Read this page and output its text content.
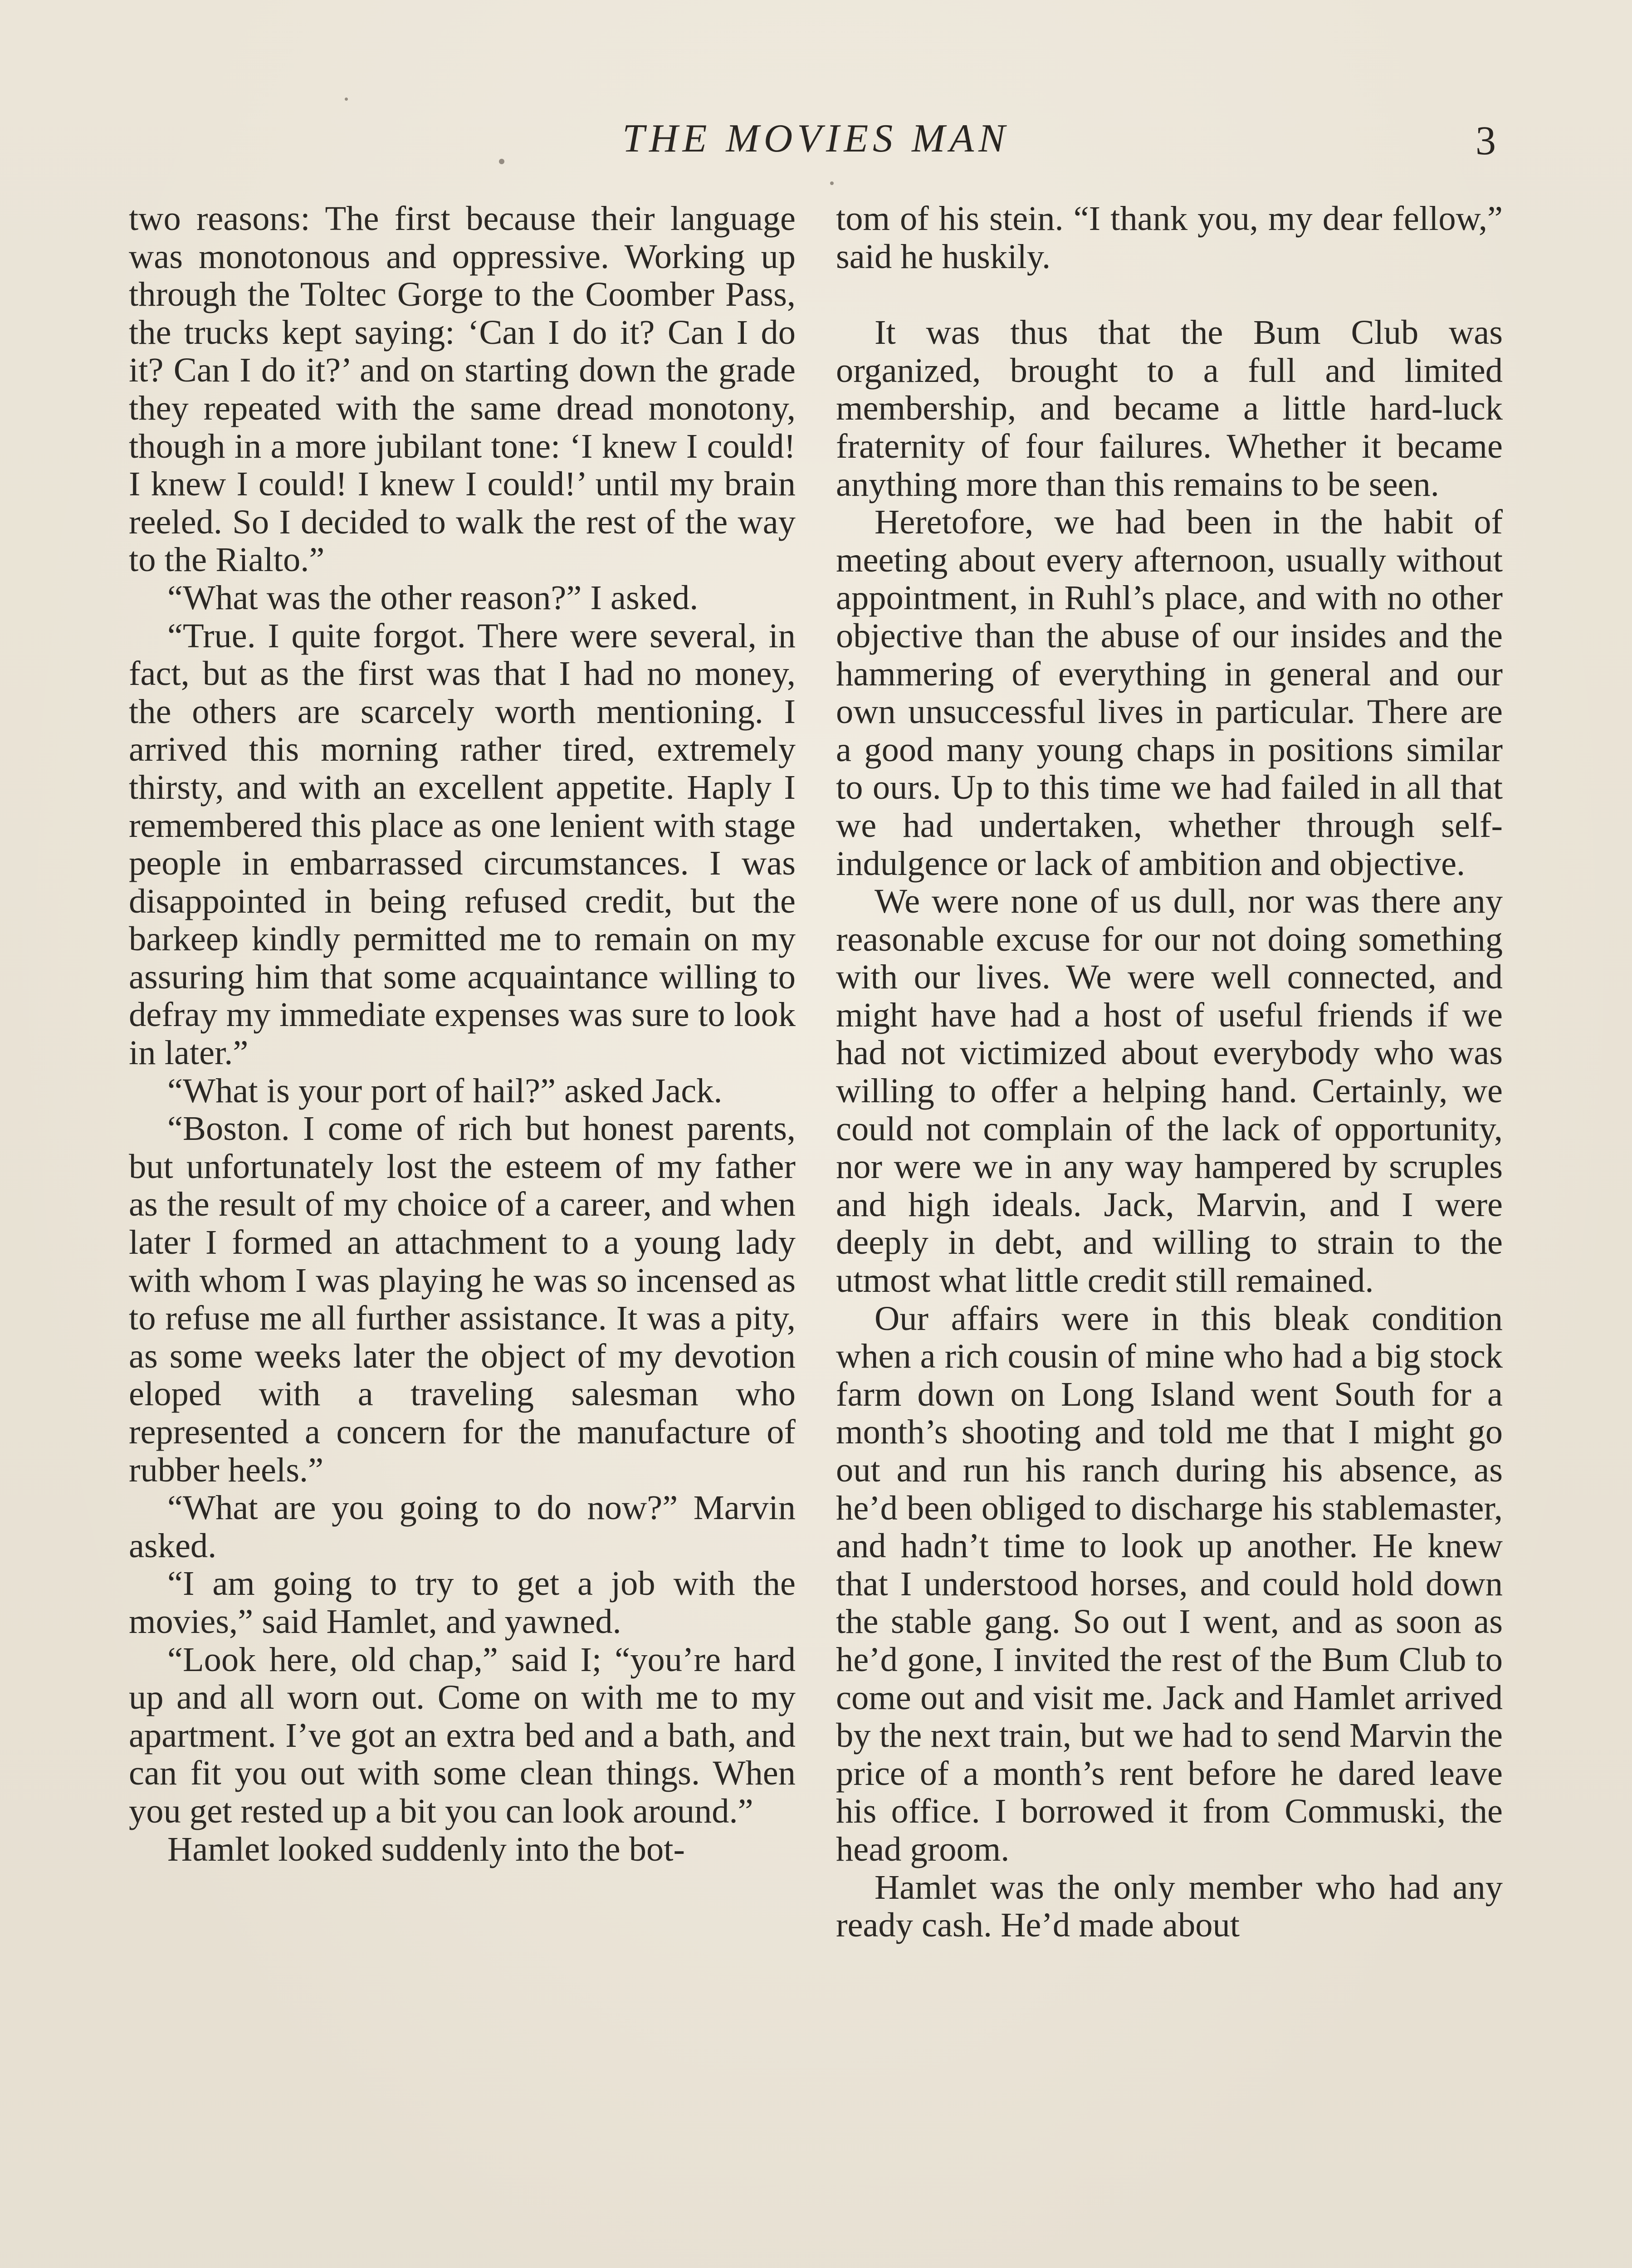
THE MOVIES MAN	3

two reasons: The first because their language was monotonous and oppressive. Working up through the Toltec Gorge to the Coomber Pass, the trucks kept saying: ‘Can I do it? Can I do it? Can I do it?’ and on starting down the grade they repeated with the same dread monotony, though in a more jubilant tone: ‘I knew I could! I knew I could! I knew I could!’ until my brain reeled. So I decided to walk the rest of the way to the Rialto.”

“What was the other reason?” I asked.

“True. I quite forgot. There were several, in fact, but as the first was that I had no money, the others are scarcely worth mentioning. I arrived this morning rather tired, extremely thirsty, and with an excellent appetite. Haply I remembered this place as one lenient with stage people in embarrassed circumstances. I was disappointed in being refused credit, but the barkeep kindly permitted me to remain on my assuring him that some acquaintance willing to defray my immediate expenses was sure to look in later.”

“What is your port of hail?” asked Jack.

“Boston. I come of rich but honest parents, but unfortunately lost the esteem of my father as the result of my choice of a career, and when later I formed an attachment to a young lady with whom I was playing he was so incensed as to refuse me all further assistance. It was a pity, as some weeks later the object of my devotion eloped with a traveling salesman who represented a concern for the manufacture of rubber heels.”

“What are you going to do now?” Marvin asked.

“I am going to try to get a job with the movies,” said Hamlet, and yawned.

“Look here, old chap,” said I; “you’re hard up and all worn out. Come on with me to my apartment. I’ve got an extra bed and a bath, and can fit you out with some clean things. When you get rested up a bit you can look around.”

Hamlet looked suddenly into the bot-

tom of his stein. “I thank you, my dear fellow,” said he huskily.

It was thus that the Bum Club was organized, brought to a full and limited membership, and became a little hard-luck fraternity of four failures. Whether it became anything more than this remains to be seen.

Heretofore, we had been in the habit of meeting about every afternoon, usually without appointment, in Ruhl’s place, and with no other objective than the abuse of our insides and the hammering of everything in general and our own unsuccessful lives in particular. There are a good many young chaps in positions similar to ours. Up to this time we had failed in all that we had undertaken, whether through self-indulgence or lack of ambition and objective.

We were none of us dull, nor was there any reasonable excuse for our not doing something with our lives. We were well connected, and might have had a host of useful friends if we had not victimized about everybody who was willing to offer a helping hand. Certainly, we could not complain of the lack of opportunity, nor were we in any way hampered by scruples and high ideals. Jack, Marvin, and I were deeply in debt, and willing to strain to the utmost what little credit still remained.

Our affairs were in this bleak condition when a rich cousin of mine who had a big stock farm down on Long Island went South for a month’s shooting and told me that I might go out and run his ranch during his absence, as he’d been obliged to discharge his stablemaster, and hadn’t time to look up another. He knew that I understood horses, and could hold down the stable gang. So out I went, and as soon as he’d gone, I invited the rest of the Bum Club to come out and visit me. Jack and Hamlet arrived by the next train, but we had to send Marvin the price of a month’s rent before he dared leave his office. I borrowed it from Commuski, the head groom.

Hamlet was the only member who had any ready cash. He’d made about
